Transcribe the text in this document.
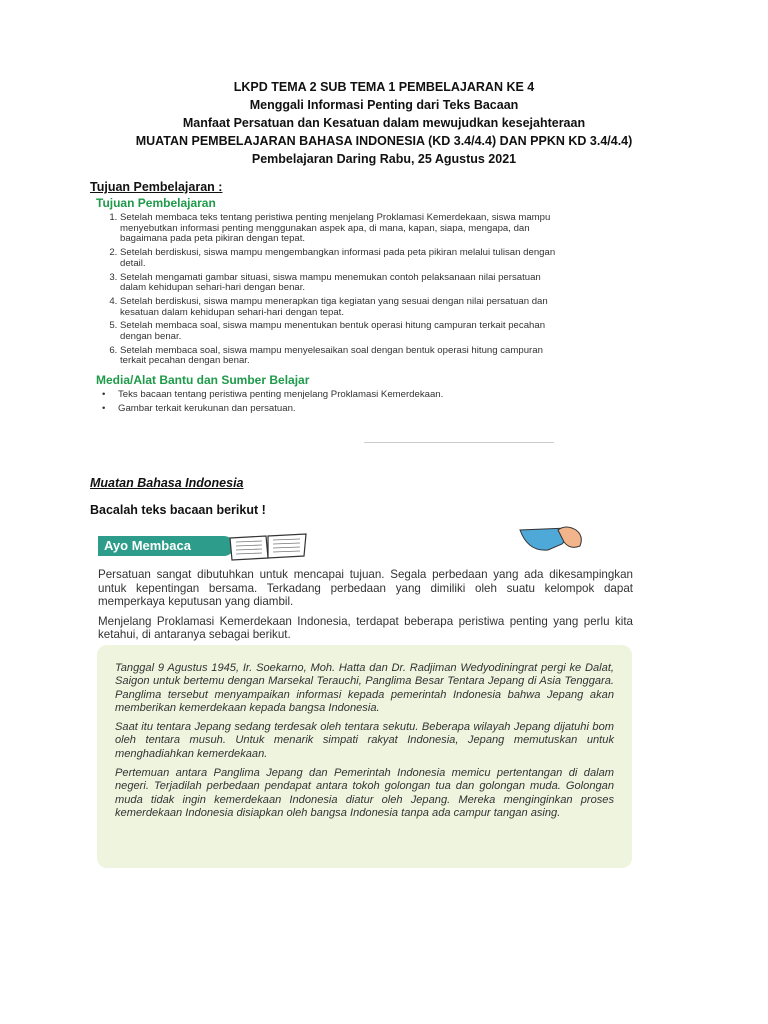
LKPD TEMA 2 SUB TEMA 1 PEMBELAJARAN KE 4
Menggali Informasi Penting dari Teks Bacaan
Manfaat Persatuan dan Kesatuan dalam mewujudkan kesejahteraan
MUATAN PEMBELAJARAN BAHASA INDONESIA (KD 3.4/4.4) DAN PPKN KD 3.4/4.4)
Pembelajaran Daring Rabu, 25 Agustus 2021
Tujuan Pembelajaran :
Tujuan Pembelajaran
1. Setelah membaca teks tentang peristiwa penting menjelang Proklamasi Kemerdekaan, siswa mampu menyebutkan informasi penting menggunakan aspek apa, di mana, kapan, siapa, mengapa, dan bagaimana pada peta pikiran dengan tepat.
2. Setelah berdiskusi, siswa mampu mengembangkan informasi pada peta pikiran melalui tulisan dengan detail.
3. Setelah mengamati gambar situasi, siswa mampu menemukan contoh pelaksanaan nilai persatuan dalam kehidupan sehari-hari dengan benar.
4. Setelah berdiskusi, siswa mampu menerapkan tiga kegiatan yang sesuai dengan nilai persatuan dan kesatuan dalam kehidupan sehari-hari dengan tepat.
5. Setelah membaca soal, siswa mampu menentukan bentuk operasi hitung campuran terkait pecahan dengan benar.
6. Setelah membaca soal, siswa mampu menyelesaikan soal dengan bentuk operasi hitung campuran terkait pecahan dengan benar.
Media/Alat Bantu dan Sumber Belajar
• Teks bacaan tentang peristiwa penting menjelang Proklamasi Kemerdekaan.
• Gambar terkait kerukunan dan persatuan.
Muatan Bahasa Indonesia
Bacalah teks bacaan berikut !
Ayo Membaca

Persatuan sangat dibutuhkan untuk mencapai tujuan. Segala perbedaan yang ada dikesampingkan untuk kepentingan bersama. Terkadang perbedaan yang dimiliki oleh suatu kelompok dapat memperkaya keputusan yang diambil.

Menjelang Proklamasi Kemerdekaan Indonesia, terdapat beberapa peristiwa penting yang perlu kita ketahui, di antaranya sebagai berikut.

Tanggal 9 Agustus 1945, Ir. Soekarno, Moh. Hatta dan Dr. Radjiman Wedyodiningrat pergi ke Dalat, Saigon untuk bertemu dengan Marsekal Terauchi, Panglima Besar Tentara Jepang di Asia Tenggara. Panglima tersebut menyampaikan informasi kepada pemerintah Indonesia bahwa Jepang akan memberikan kemerdekaan kepada bangsa Indonesia.

Saat itu tentara Jepang sedang terdesak oleh tentara sekutu. Beberapa wilayah Jepang dijatuhi bom oleh tentara musuh. Untuk menarik simpati rakyat Indonesia, Jepang memutuskan untuk menghadiahkan kemerdekaan.

Pertemuan antara Panglima Jepang dan Pemerintah Indonesia memicu pertentangan di dalam negeri. Terjadilah perbedaan pendapat antara tokoh golongan tua dan golongan muda. Golongan muda tidak ingin kemerdekaan Indonesia diatur oleh Jepang. Mereka menginginkan proses kemerdekaan Indonesia disiapkan oleh bangsa Indonesia tanpa ada campur tangan asing.
